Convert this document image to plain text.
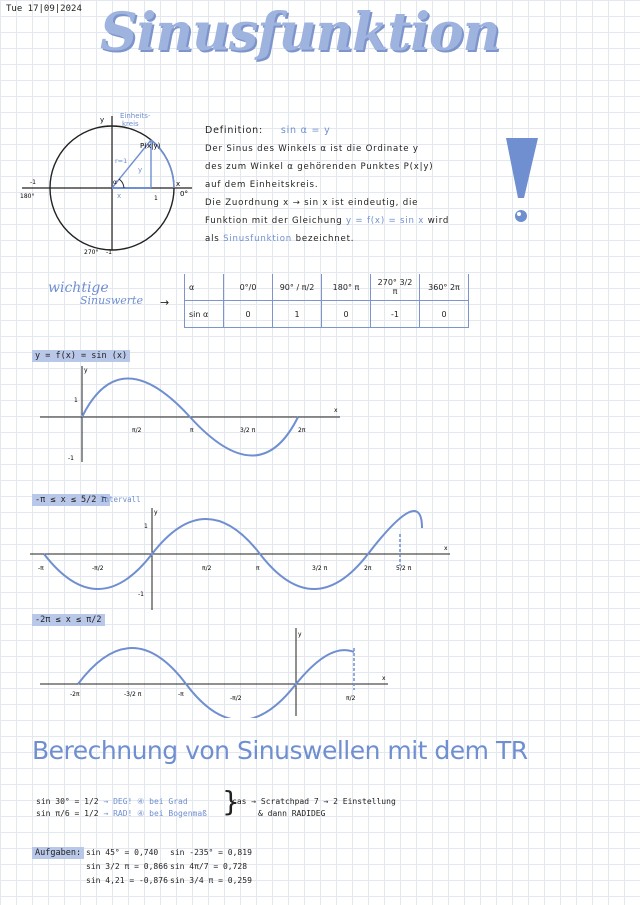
Tue 17|09|2024 Sinusfunktion
Einheits-
kreis
P(x|y)
y
x
0°
180°
-1
1
270° -1
r=1
y
x
α
Definition: sin α = y
Der Sinus des Winkels α ist die Ordinate y
des zum Winkel α gehörenden Punktes P(x|y)
auf dem Einheitskreis.
Die Zuordnung x → sin x ist eindeutig, die
Funktion mit der Gleichung y = f(x) = sin x wird
als Sinusfunktion bezeichnet.
wichtige
Sinuswerte →
α	0°/0	90° / π/2	180° π	270° 3/2 π	360° 2π
sin α	0	1	0	-1	0
y = f(x) = sin (x)
y
x
π/2	π	3/2 π	2π
1
-1
-π ≤ x ≤ 5/2 π
Intervall
y
x
-π	-π/2	π/2	π	3/2 π	2π	5/2 π
1
-1
-2π ≤ x ≤ π/2
y
x
-2π	-3/2 π	-π
-π/2	π/2
Berechnung von Sinuswellen mit dem TR
sin 30° = 1/2 → DEG! ④ bei Grad
sin π/6 = 1/2 → RAD! ④ bei Bogenmaß }
cas → Scratchpad 7 → 2 Einstellung
& dann RADIDEG
Aufgaben: sin 45° = 0,740
sin 3/2 π = 0,866
sin 4,21 = -0,876
sin -235° = 0,819
sin 4π/7 = 0,728
sin 3/4 π = 0,259
